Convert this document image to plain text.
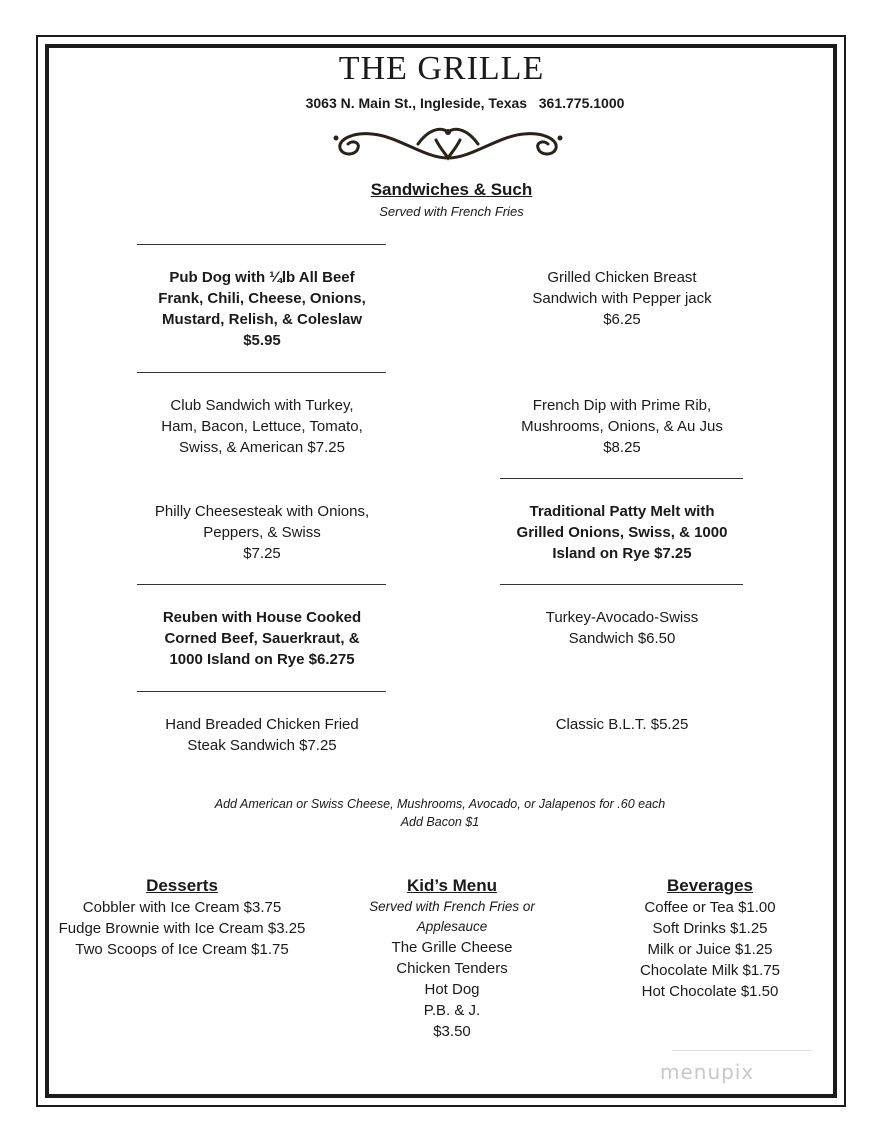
THE GRILLE
3063 N. Main St., Ingleside, Texas 361.775.1000
Sandwiches & Such
Served with French Fries
Pub Dog with ¼lb All Beef
Frank, Chili, Cheese, Onions,
Mustard, Relish, & Coleslaw
$5.95
Club Sandwich with Turkey,
Ham, Bacon, Lettuce, Tomato,
Swiss, & American $7.25
Philly Cheesesteak with Onions,
Peppers, & Swiss
$7.25
Reuben with House Cooked
Corned Beef, Sauerkraut, &
1000 Island on Rye $6.275
Hand Breaded Chicken Fried
Steak Sandwich $7.25
Grilled Chicken Breast
Sandwich with Pepper jack
$6.25
French Dip with Prime Rib,
Mushrooms, Onions, & Au Jus
$8.25
Traditional Patty Melt with
Grilled Onions, Swiss, & 1000
Island on Rye $7.25
Turkey-Avocado-Swiss
Sandwich $6.50
Classic B.L.T. $5.25
Add American or Swiss Cheese, Mushrooms, Avocado, or Jalapenos for .60 each
Add Bacon $1
Desserts
Cobbler with Ice Cream $3.75
Fudge Brownie with Ice Cream $3.25
Two Scoops of Ice Cream $1.75
Kid’s Menu
Served with French Fries or
Applesauce
The Grille Cheese
Chicken Tenders
Hot Dog
P.B. & J.
$3.50
Beverages
Coffee or Tea $1.00
Soft Drinks $1.25
Milk or Juice $1.25
Chocolate Milk $1.75
Hot Chocolate $1.50
menupix
